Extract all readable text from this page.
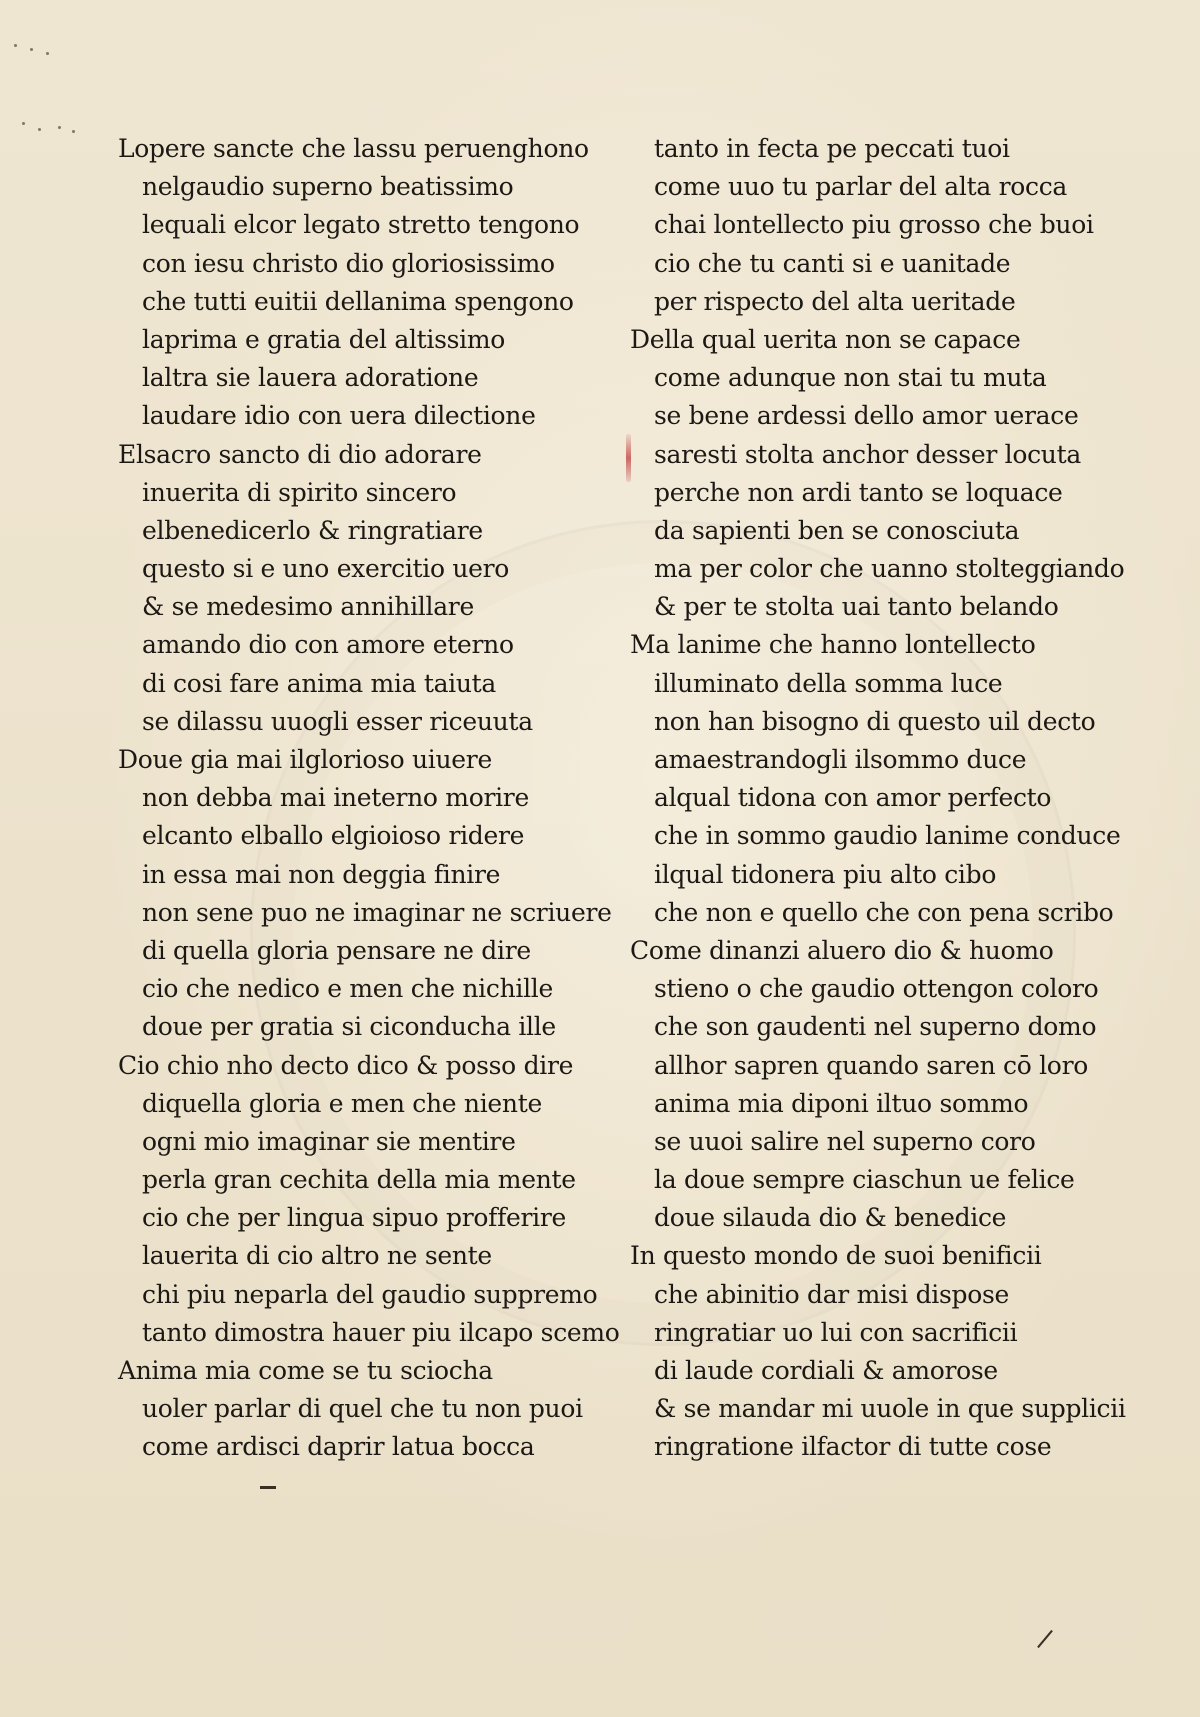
Lopere sancte che lassu peruenghono
nelgaudio superno beatissimo
lequali elcor legato stretto tengono
con iesu christo dio gloriosissimo
che tutti euitii dellanima spengono
laprima e gratia del altissimo
laltra sie lauera adoratione
laudare idio con uera dilectione
Elsacro sancto di dio adorare
inuerita di spirito sincero
elbenedicerlo & ringratiare
questo si e uno exercitio uero
& se medesimo annihillare
amando dio con amore eterno
di cosi fare anima mia taiuta
se dilassu uuogli esser riceuuta
Doue gia mai ilglorioso uiuere
non debba mai ineterno morire
elcanto elballo elgioioso ridere
in essa mai non deggia finire
non sene puo ne imaginar ne scriuere
di quella gloria pensare ne dire
cio che nedico e men che nichille
doue per gratia si ciconducha ille
Cio chio nho decto dico & posso dire
diquella gloria e men che niente
ogni mio imaginar sie mentire
perla gran cechita della mia mente
cio che per lingua sipuo profferire
lauerita di cio altro ne sente
chi piu neparla del gaudio suppremo
tanto dimostra hauer piu ilcapo scemo
Anima mia come se tu sciocha
uoler parlar di quel che tu non puoi
come ardisci daprir latua bocca
tanto in fecta pe peccati tuoi
come uuo tu parlar del alta rocca
chai lontellecto piu grosso che buoi
cio che tu canti si e uanitade
per rispecto del alta ueritade
Della qual uerita non se capace
come adunque non stai tu muta
se bene ardessi dello amor uerace
saresti stolta anchor desser locuta
perche non ardi tanto se loquace
da sapienti ben se conosciuta
ma per color che uanno stolteggiando
& per te stolta uai tanto belando
Ma lanime che hanno lontellecto
illuminato della somma luce
non han bisogno di questo uil decto
amaestrandogli ilsommo duce
alqual tidona con amor perfecto
che in sommo gaudio lanime conduce
ilqual tidonera piu alto cibo
che non e quello che con pena scribo
Come dinanzi aluero dio & huomo
stieno o che gaudio ottengon coloro
che son gaudenti nel superno domo
allhor sapren quando saren cō loro
anima mia diponi iltuo sommo
se uuoi salire nel superno coro
la doue sempre ciaschun ue felice
doue silauda dio & benedice
In questo mondo de suoi benificii
che abinitio dar misi dispose
ringratiar uo lui con sacrificii
di laude cordiali & amorose
& se mandar mi uuole in que supplicii
ringratione ilfactor di tutte cose
